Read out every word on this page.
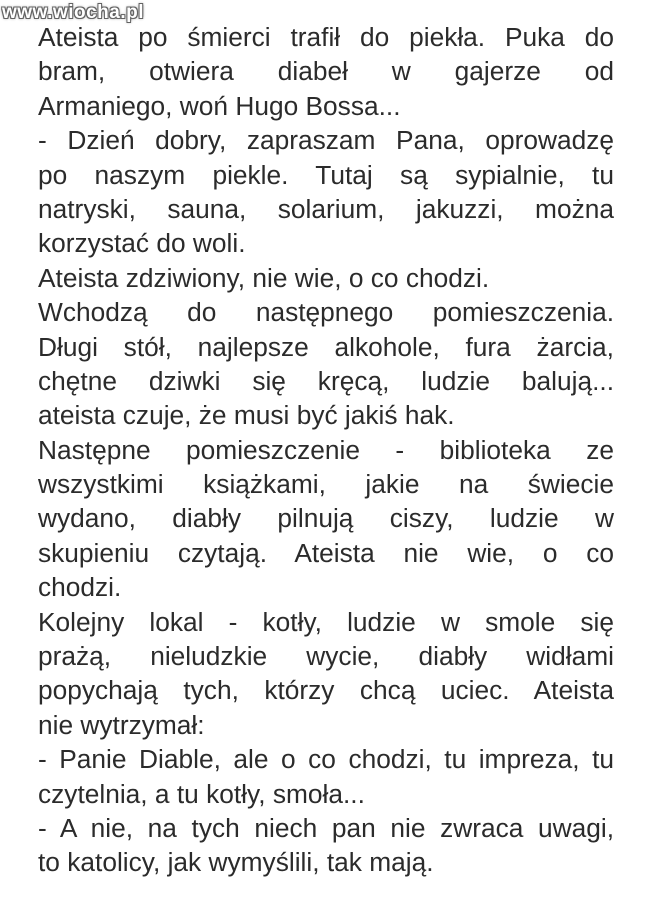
Ateista po śmierci trafił do piekła. Puka do
bram, otwiera diabeł w gajerze od
Armaniego, woń Hugo Bossa...
- Dzień dobry, zapraszam Pana, oprowadzę
po naszym piekle. Tutaj są sypialnie, tu
natryski, sauna, solarium, jakuzzi, można
korzystać do woli.
Ateista zdziwiony, nie wie, o co chodzi.
Wchodzą do następnego pomieszczenia.
Długi stół, najlepsze alkohole, fura żarcia,
chętne dziwki się kręcą, ludzie balują...
ateista czuje, że musi być jakiś hak.
Następne pomieszczenie - biblioteka ze
wszystkimi książkami, jakie na świecie
wydano, diabły pilnują ciszy, ludzie w
skupieniu czytają. Ateista nie wie, o co
chodzi.
Kolejny lokal - kotły, ludzie w smole się
prażą, nieludzkie wycie, diabły widłami
popychają tych, którzy chcą uciec. Ateista
nie wytrzymał:
- Panie Diable, ale o co chodzi, tu impreza, tu
czytelnia, a tu kotły, smoła...
- A nie, na tych niech pan nie zwraca uwagi,
to katolicy, jak wymyślili, tak mają.
www.wiocha.pl
